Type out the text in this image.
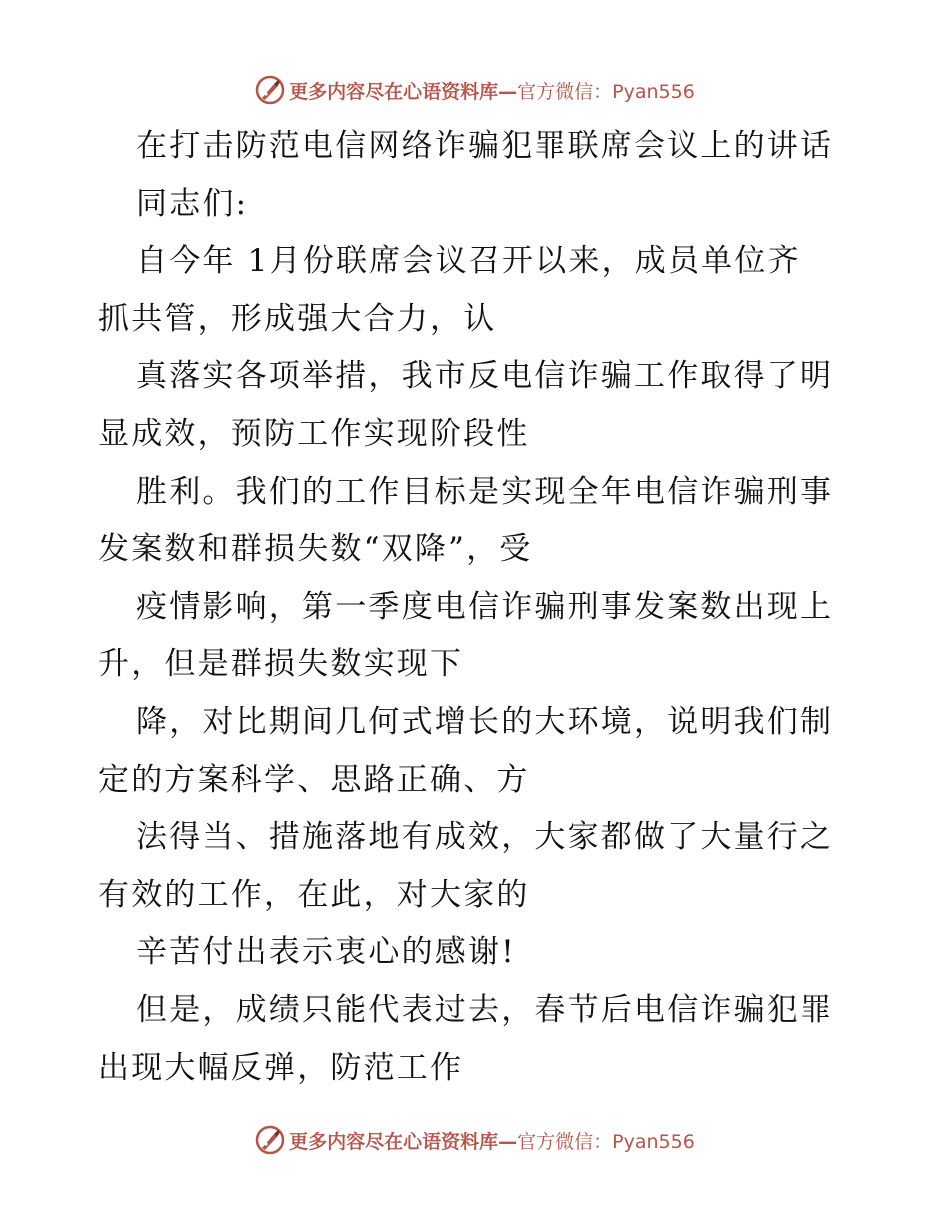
更多内容尽在心语资料库—官方微信：Pyan556
在打击防范电信网络诈骗犯罪联席会议上的讲话
同志们:
自今年 1月份联席会议召开以来，成员单位齐
抓共管，形成强大合力，认
真落实各项举措，我市反电信诈骗工作取得了明
显成效，预防工作实现阶段性
胜利。我们的工作目标是实现全年电信诈骗刑事
发案数和群损失数“双降”，受
疫情影响，第一季度电信诈骗刑事发案数出现上
升，但是群损失数实现下
降，对比期间几何式增长的大环境，说明我们制
定的方案科学、思路正确、方
法得当、措施落地有成效，大家都做了大量行之
有效的工作，在此，对大家的
辛苦付出表示衷心的感谢!
但是，成绩只能代表过去，春节后电信诈骗犯罪
出现大幅反弹，防范工作
更多内容尽在心语资料库—官方微信：Pyan556
